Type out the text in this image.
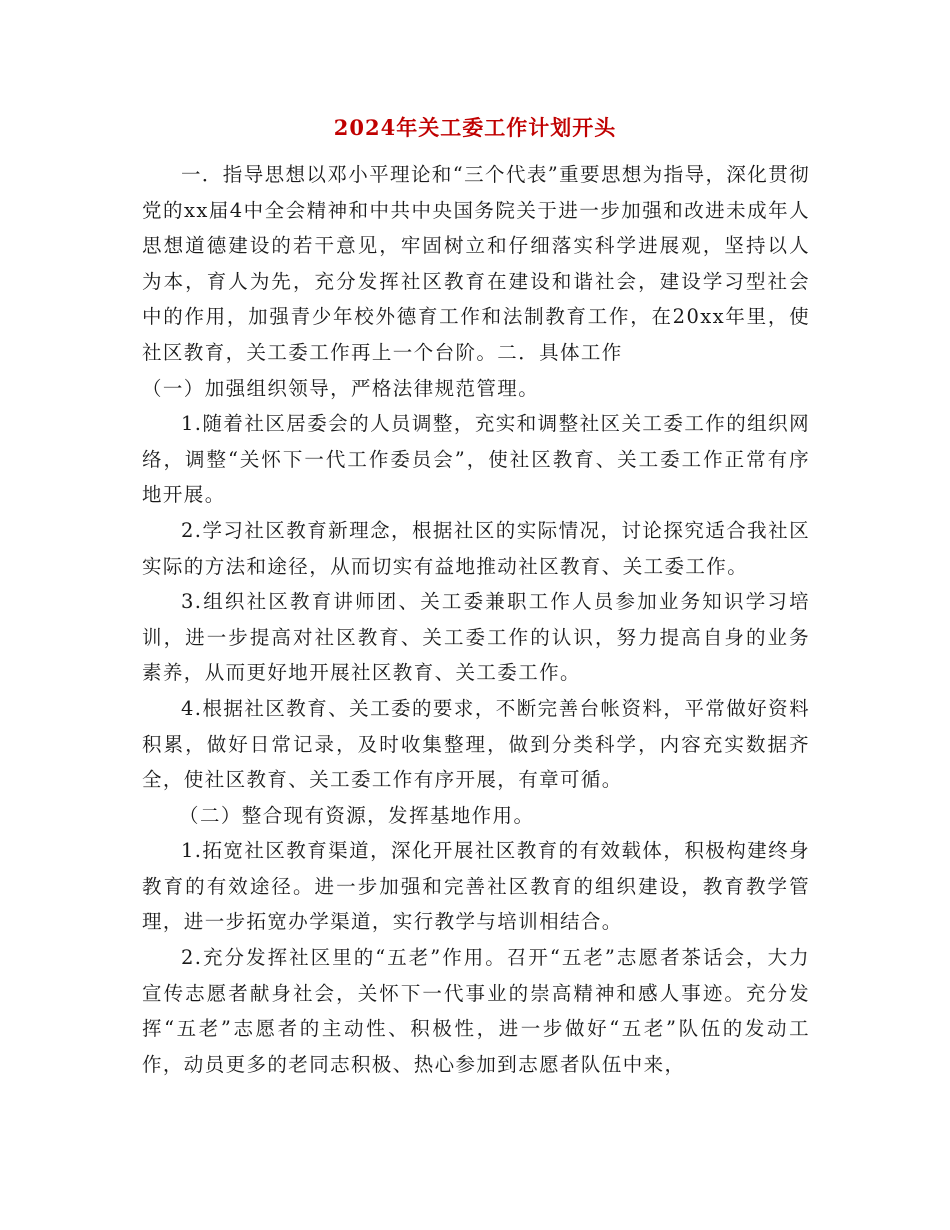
2024年关工委工作计划开头

一．指导思想以邓小平理论和“三个代表”重要思想为指导，深化贯彻党的xx届4中全会精神和中共中央国务院关于进一步加强和改进未成年人思想道德建设的若干意见，牢固树立和仔细落实科学进展观，坚持以人为本，育人为先，充分发挥社区教育在建设和谐社会，建设学习型社会中的作用，加强青少年校外德育工作和法制教育工作，在20xx年里，使社区教育，关工委工作再上一个台阶。二．具体工作

（一）加强组织领导，严格法律规范管理。

1.随着社区居委会的人员调整，充实和调整社区关工委工作的组织网络，调整“关怀下一代工作委员会”，使社区教育、关工委工作正常有序地开展。

2.学习社区教育新理念，根据社区的实际情况，讨论探究适合我社区实际的方法和途径，从而切实有益地推动社区教育、关工委工作。

3.组织社区教育讲师团、关工委兼职工作人员参加业务知识学习培训，进一步提高对社区教育、关工委工作的认识，努力提高自身的业务素养，从而更好地开展社区教育、关工委工作。

4.根据社区教育、关工委的要求，不断完善台帐资料，平常做好资料积累，做好日常记录，及时收集整理，做到分类科学，内容充实数据齐全，使社区教育、关工委工作有序开展，有章可循。

（二）整合现有资源，发挥基地作用。

1.拓宽社区教育渠道，深化开展社区教育的有效载体，积极构建终身教育的有效途径。进一步加强和完善社区教育的组织建设，教育教学管理，进一步拓宽办学渠道，实行教学与培训相结合。

2.充分发挥社区里的“五老”作用。召开“五老”志愿者茶话会，大力宣传志愿者献身社会，关怀下一代事业的崇高精神和感人事迹。充分发挥“五老”志愿者的主动性、积极性，进一步做好“五老”队伍的发动工作，动员更多的老同志积极、热心参加到志愿者队伍中来，
